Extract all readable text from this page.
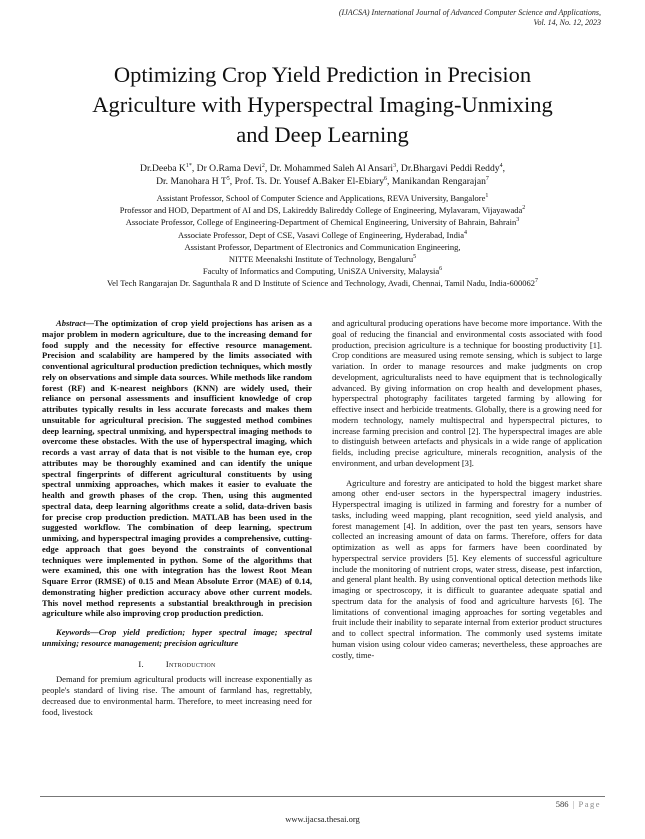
(IJACSA) International Journal of Advanced Computer Science and Applications,
Vol. 14, No. 12, 2023
Optimizing Crop Yield Prediction in Precision
Agriculture with Hyperspectral Imaging-Unmixing
and Deep Learning
Dr.Deeba $K^{1*}$, Dr O.Rama Devi$^2$, Dr. Mohammed Saleh Al Ansari$^3$, Dr.Bhargavi Peddi Reddy$^4$,
Dr. Manohara H $T^5$, Prof. Ts. Dr. Yousef A.Baker El-Ebiary$^6$, Manikandan Rengarajan$^7$
Assistant Professor, School of Computer Science and Applications, REVA University, Bangalore$^1$
Professor and HOD, Department of AI and DS, Lakireddy Balireddy College of Engineering, Mylavaram, Vijayawada$^2$
Associate Professor, College of Engineering-Department of Chemical Engineering, University of Bahrain, Bahrain$^3$
Associate Professor, Dept of CSE, Vasavi College of Engineering, Hyderabad, India$^4$
Assistant Professor, Department of Electronics and Communication Engineering,
NITTE Meenakshi Institute of Technology, Bengaluru$^5$
Faculty of Informatics and Computing, UniSZA University, Malaysia$^6$
Vel Tech Rangarajan Dr. Sagunthala R and D Institute of Science and Technology, Avadi, Chennai, Tamil Nadu, India-600062$^7$

Abstract—The optimization of crop yield projections has arisen as a major problem in modern agriculture, due to the increasing demand for food supply and the necessity for effective resource management. Precision and scalability are hampered by the limits associated with conventional agricultural production prediction techniques, which mostly rely on observations and simple data sources. While methods like random forest (RF) and K-nearest neighbors (KNN) are widely used, their reliance on personal assessments and insufficient knowledge of crop attributes typically results in less accurate forecasts and makes them unsuitable for agricultural precision. The suggested method combines deep learning, spectral unmixing, and hyperspectral imaging methods to overcome these obstacles. With the use of hyperspectral imaging, which records a vast array of data that is not visible to the human eye, crop attributes may be thoroughly examined and can identify the unique spectral fingerprints of different agricultural constituents by using spectral unmixing approaches, which makes it easier to evaluate the health and growth phases of the crop. Then, using this augmented spectral data, deep learning algorithms create a solid, data-driven basis for precise crop production prediction. MATLAB has been used in the suggested workflow. The combination of deep learning, spectrum unmixing, and hyperspectral imaging provides a comprehensive, cutting-edge approach that goes beyond the constraints of conventional techniques were implemented in python. Some of the algorithms that were examined, this one with integration has the lowest Root Mean Square Error (RMSE) of 0.15 and Mean Absolute Error (MAE) of 0.14, demonstrating higher prediction accuracy above other current models. This novel method represents a substantial breakthrough in precision agriculture while also improving crop production prediction.

Keywords—Crop yield prediction; hyper spectral image; spectral unmixing; resource management; precision agriculture

I.	Introduction

Demand for premium agricultural products will increase exponentially as people's standard of living rise. The amount of farmland has, regrettably, decreased due to environmental harm. Therefore, to meet increasing need for food, livestock

and agricultural producing operations have become more importance. With the goal of reducing the financial and environmental costs associated with food production, precision agriculture is a technique for boosting productivity [1]. Crop conditions are measured using remote sensing, which is subject to large variation. In order to manage resources and make judgments on crop development, agriculturalists need to have equipment that is technologically advanced. By giving information on crop health and development phases, hyperspectral photography facilitates targeted farming by allowing for effective insect and herbicide treatments. Globally, there is a growing need for modern technology, namely multispectral and hyperspectral pictures, to increase farming precision and control [2]. The hyperspectral images are able to distinguish between artefacts and physicals in a wide range of application fields, including precise agriculture, minerals recognition, analysis of the environment, and urban development [3].

Agriculture and forestry are anticipated to hold the biggest market share among other end-user sectors in the hyperspectral imagery industries. Hyperspectral imaging is utilized in farming and forestry for a number of tasks, including weed mapping, plant recognition, seed yield analysis, and forest management [4]. In addition, over the past ten years, sensors have collected an increasing amount of data on farms. Therefore, offers for data optimization as well as apps for farmers have been coordinated by hyperspectral service providers [5]. Key elements of successful agriculture include the monitoring of nutrient crops, water stress, disease, pest infarction, and general plant health. By using conventional optical detection methods like imaging or spectroscopy, it is difficult to guarantee adequate spatial and spectrum data for the analysis of food and agriculture harvests [6]. The limitations of conventional imaging approaches for sorting vegetables and fruit include their inability to separate internal from exterior product structures and to collect spectral information. The commonly used systems imitate human vision using colour video cameras; nevertheless, these approaches are costly, time-

586 | Page
www.ijacsa.thesai.org
